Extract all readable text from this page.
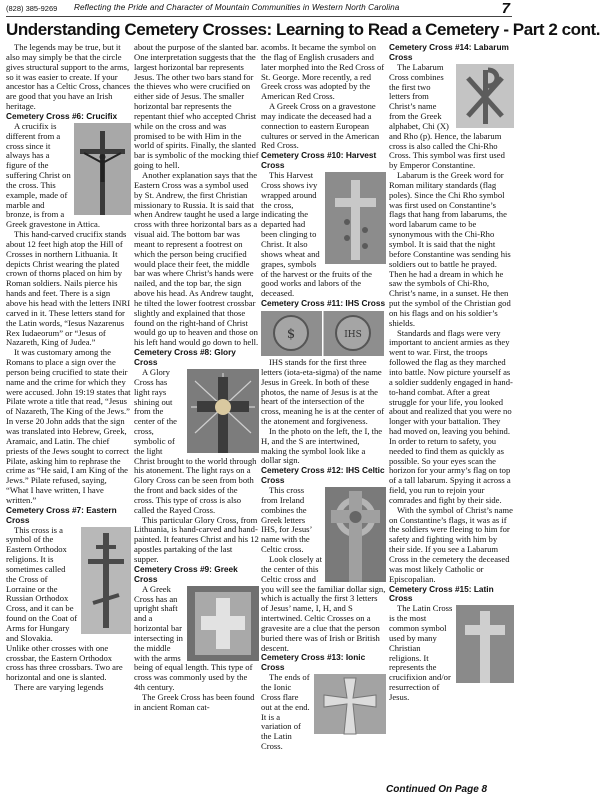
(828) 385-9269 Reflecting the Pride and Character of Mountain Communities in Western North Carolina	7
Understanding Cemetery Crosses: Learning to Read a Cemetery - Part 2 cont.

The legends may be true, but it also may simply be that the circle gives structural support to the arms, so it was easier to create. If your ancestor has a Celtic Cross, chances are good that you have an Irish heritage.

Cemetery Cross #6: Crucifix

A crucifix is different from a cross since it always has a figure of the suffering Christ on the cross. This example, made of marble and bronze, is from a Greek gravestone in Attica.

This hand-carved crucifix stands about 12 feet high atop the Hill of Crosses in northern Lithuania. It depicts Christ wearing the plated crown of thorns placed on him by Roman soldiers. Nails pierce his hands and feet. There is a sign above his head with the letters INRI carved in it. These letters stand for the Latin words, “Iesus Nazarenus Rex Iudaeorum” or “Jesus of Nazareth, King of Judea.”

It was customary among the Romans to place a sign over the person being crucified to state their name and the crime for which they were accused. John 19:19 states that Pilate wrote a title that read, “Jesus of Nazareth, The King of the Jews.” In verse 20 John adds that the sign was translated into Hebrew, Greek, Aramaic, and Latin. The chief priests of the Jews sought to correct Pilate, asking him to rephrase the crime as “He said, I am King of the Jews.” Pilate refused, saying, “What I have written, I have written.”

Cemetery Cross #7: Eastern Cross

This cross is a symbol of the Eastern Orthodox religions. It is sometimes called the Cross of Lorraine or the Russian Orthodox Cross, and it can be found on the Coat of Arms for Hungary and Slovakia. Unlike other crosses with one crossbar, the Eastern Orthodox cross has three crossbars. Two are horizontal and one is slanted.

There are varying legends

about the purpose of the slanted bar. One interpretation suggests that the largest horizontal bar represents Jesus. The other two bars stand for the thieves who were crucified on either side of Jesus. The smaller horizontal bar represents the repentant thief who accepted Christ while on the cross and was promised to be with Him in the world of spirits. Finally, the slanted bar is symbolic of the mocking thief going to hell.

Another explanation says that the Eastern Cross was a symbol used by St. Andrew, the first Christian missionary to Russia. It is said that when Andrew taught he used a large cross with three horizontal bars as a visual aid. The bottom bar was meant to represent a footrest on which the person being crucified would place their feet, the middle bar was where Christ’s hands were nailed, and the top bar, the sign above his head. As Andrew taught, he tilted the lower footrest crossbar slightly and explained that those found on the right-hand of Christ would go up to heaven and those on his left hand would go down to hell.

Cemetery Cross #8: Glory Cross

A Glory Cross has light rays shining out from the center of the cross, symbolic of the light Christ brought to the world through his atonement. The light rays on a Glory Cross can be seen from both the front and back sides of the cross. This type of cross is also called the Rayed Cross.

This particular Glory Cross, from Lithuania, is hand-carved and hand-painted. It features Christ and his 12 apostles partaking of the last supper.

Cemetery Cross #9: Greek Cross

A Greek Cross has an upright shaft and a horizontal bar intersecting in the middle with the arms being of equal length. This type of cross was commonly used by the 4th century.

The Greek Cross has been found in ancient Roman cat-

acombs. It became the symbol on the flag of English crusaders and later morphed into the Red Cross of St. George. More recently, a red Greek cross was adopted by the American Red Cross.

A Greek Cross on a gravestone may indicate the deceased had a connection to eastern European cultures or served in the American Red Cross.

Cemetery Cross #10: Harvest Cross

This Harvest Cross shows ivy wrapped around the cross, indicating the departed had been clinging to Christ. It also shows wheat and grapes, symbols of the harvest or the fruits of the good works and labors of the deceased.

Cemetery Cross #11: IHS Cross
$	IHS

IHS stands for the first three letters (iota-eta-sigma) of the name Jesus in Greek. In both of these photos, the name of Jesus is at the heart of the intersection of the cross, meaning he is at the center of the atonement and forgiveness.

In the photo on the left, the I, the H, and the S are intertwined, making the symbol look like a dollar sign.

Cemetery Cross #12: IHS Celtic Cross

This cross from Ireland combines the Greek letters IHS, for Jesus’ name with the Celtic cross.

Look closely at the center of this Celtic cross and you will see the familiar dollar sign, which is actually the first 3 letters of Jesus’ name, I, H, and S intertwined. Celtic Crosses on a gravesite are a clue that the person buried there was of Irish or British descent.

Cemetery Cross #13: Ionic Cross

The ends of the Ionic Cross flare out at the end. It is a variation of the Latin Cross.

Cemetery Cross #14: Labarum Cross

The Labarum Cross combines the first two letters from Christ’s name from the Greek alphabet, Chi (X) and Rho (p). Hence, the labarum cross is also called the Chi-Rho Cross. This symbol was first used by Emperor Constantine.

Labarum is the Greek word for Roman military standards (flag poles). Since the Chi Rho symbol was first used on Constantine’s flags that hang from labarums, the word labarum came to be synonymous with the Chi-Rho symbol. It is said that the night before Constantine was sending his soldiers out to battle he prayed. Then he had a dream in which he saw the symbols of Chi-Rho, Christ’s name, in a sunset. He then put the symbol of the Christian god on his flags and on his soldier’s shields.

Standards and flags were very important to ancient armies as they went to war. First, the troops followed the flag as they marched into battle. Now picture yourself as a soldier suddenly engaged in hand-to-hand combat. After a great struggle for your life, you looked about and realized that you were no longer with your battalion. They had moved on, leaving you behind. In order to return to safety, you needed to find them as quickly as possible. So your eyes scan the horizon for your army’s flag on top of a tall labarum. Spying it across a field, you run to rejoin your comrades and fight by their side.

With the symbol of Christ’s name on Constantine’s flags, it was as if the soldiers were fleeing to him for safety and fighting with him by their side. If you see a Labarum Cross in the cemetery the deceased was most likely Catholic or Episcopalian.

Cemetery Cross #15: Latin Cross

The Latin Cross is the most common symbol used by many Christian religions. It represents the crucifixion and/or resurrection of Jesus.

Continued On Page 8
